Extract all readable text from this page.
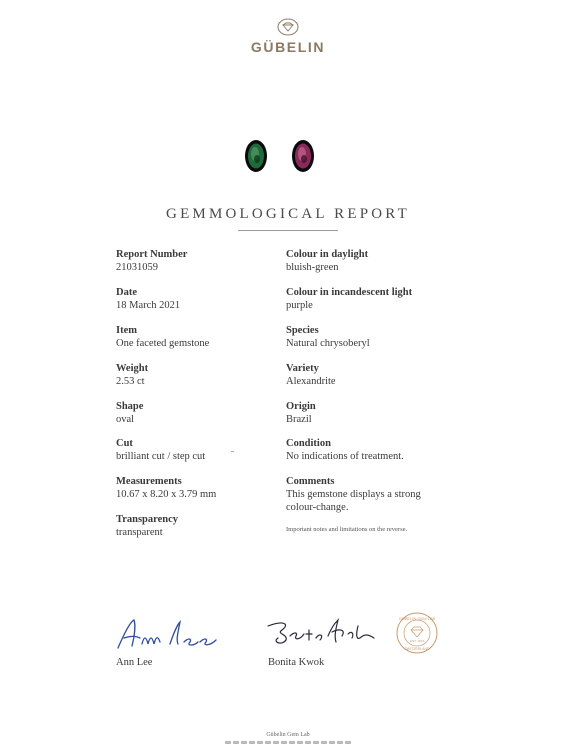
GÜBELIN
GEMMOLOGICAL REPORT
Report Number
21031059
Date
18 March 2021
Item
One faceted gemstone
Weight
2.53 ct
Shape
oval
Cut
brilliant cut / step cut
Measurements
10.67 x 8.20 x 3.79 mm
Transparency
transparent
Colour in daylight
bluish-green
Colour in incandescent light
purple
Species
Natural chrysoberyl
Variety
Alexandrite
Origin
Brazil
Condition
No indications of treatment.
Comments
This gemstone displays a strong
colour-change.
Important notes and limitations on the reverse.
Ann Lee	Bonita Kwok
GÜBELIN GEM LAB
EST. 1923
SWITZERLAND
Gübelin Gem Lab
